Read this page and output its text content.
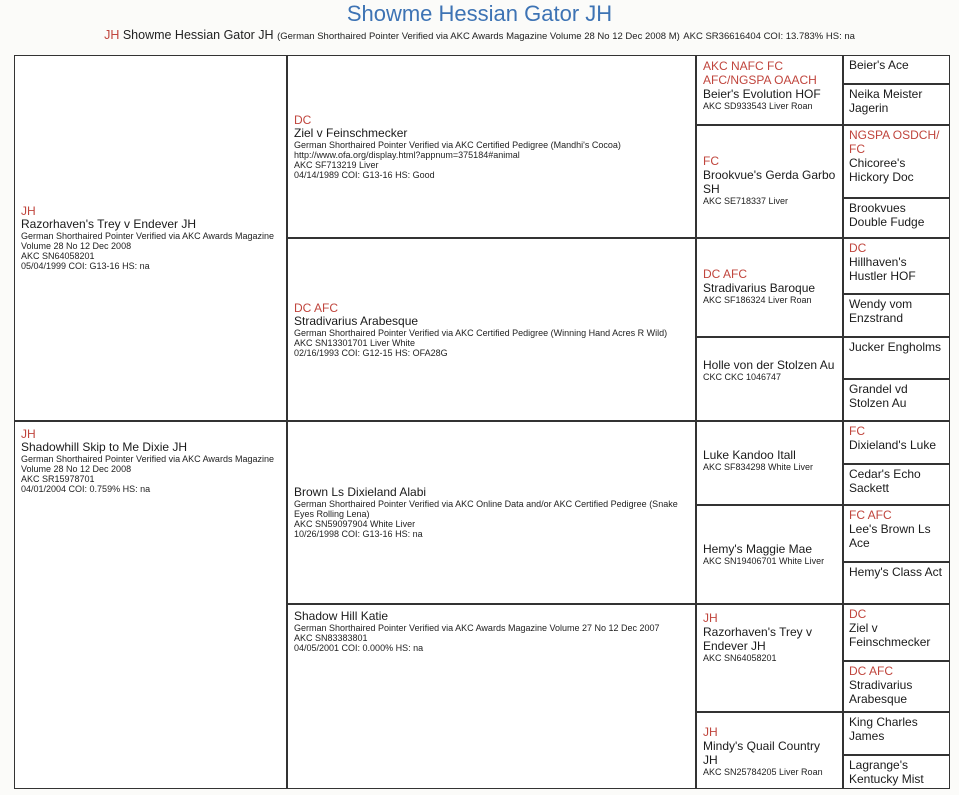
Showme Hessian Gator JH
JH Showme Hessian Gator JH (German Shorthaired Pointer Verified via AKC Awards Magazine Volume 28 No 12 Dec 2008 M) AKC SR36616404 COI: 13.783% HS: na
JH
Razorhaven's Trey v Endever JH
German Shorthaired Pointer Verified via AKC Awards Magazine Volume 28 No 12 Dec 2008
AKC SN64058201
05/04/1999 COI: G13-16 HS: na
JH
Shadowhill Skip to Me Dixie JH
German Shorthaired Pointer Verified via AKC Awards Magazine Volume 28 No 12 Dec 2008
AKC SR15978701
04/01/2004 COI: 0.759% HS: na
DC
Ziel v Feinschmecker
German Shorthaired Pointer Verified via AKC Certified Pedigree (Mandhi's Cocoa)
http://www.ofa.org/display.html?appnum=375184#animal
AKC SF713219 Liver
04/14/1989 COI: G13-16 HS: Good
DC AFC
Stradivarius Arabesque
German Shorthaired Pointer Verified via AKC Certified Pedigree (Winning Hand Acres R Wild)
AKC SN13301701 Liver White
02/16/1993 COI: G12-15 HS: OFA28G
Brown Ls Dixieland Alabi
German Shorthaired Pointer Verified via AKC Online Data and/or AKC Certified Pedigree (Snake Eyes Rolling Lena)
AKC SN59097904 White Liver
10/26/1998 COI: G13-16 HS: na
Shadow Hill Katie
German Shorthaired Pointer Verified via AKC Awards Magazine Volume 27 No 12 Dec 2007
AKC SN83383801
04/05/2001 COI: 0.000% HS: na
AKC NAFC FC AFC/NGSPA OAACH
Beier's Evolution HOF
AKC SD933543 Liver Roan
FC
Brookvue's Gerda Garbo SH
AKC SE718337 Liver
DC AFC
Stradivarius Baroque
AKC SF186324 Liver Roan
Holle von der Stolzen Au
CKC CKC 1046747
Luke Kandoo Itall
AKC SF834298 White Liver
Hemy's Maggie Mae
AKC SN19406701 White Liver
JH
Razorhaven's Trey v Endever JH
AKC SN64058201
JH
Mindy's Quail Country JH
AKC SN25784205 Liver Roan
Beier's Ace
Neika Meister Jagerin
NGSPA OSDCH/ FC
Chicoree's Hickory Doc
Brookvues Double Fudge
DC
Hillhaven's Hustler HOF
Wendy vom Enzstrand
Jucker Engholms
Grandel vd Stolzen Au
FC
Dixieland's Luke
Cedar's Echo Sackett
FC AFC
Lee's Brown Ls Ace
Hemy's Class Act
DC
Ziel v Feinschmecker
DC AFC
Stradivarius Arabesque
King Charles James
Lagrange's Kentucky Mist
